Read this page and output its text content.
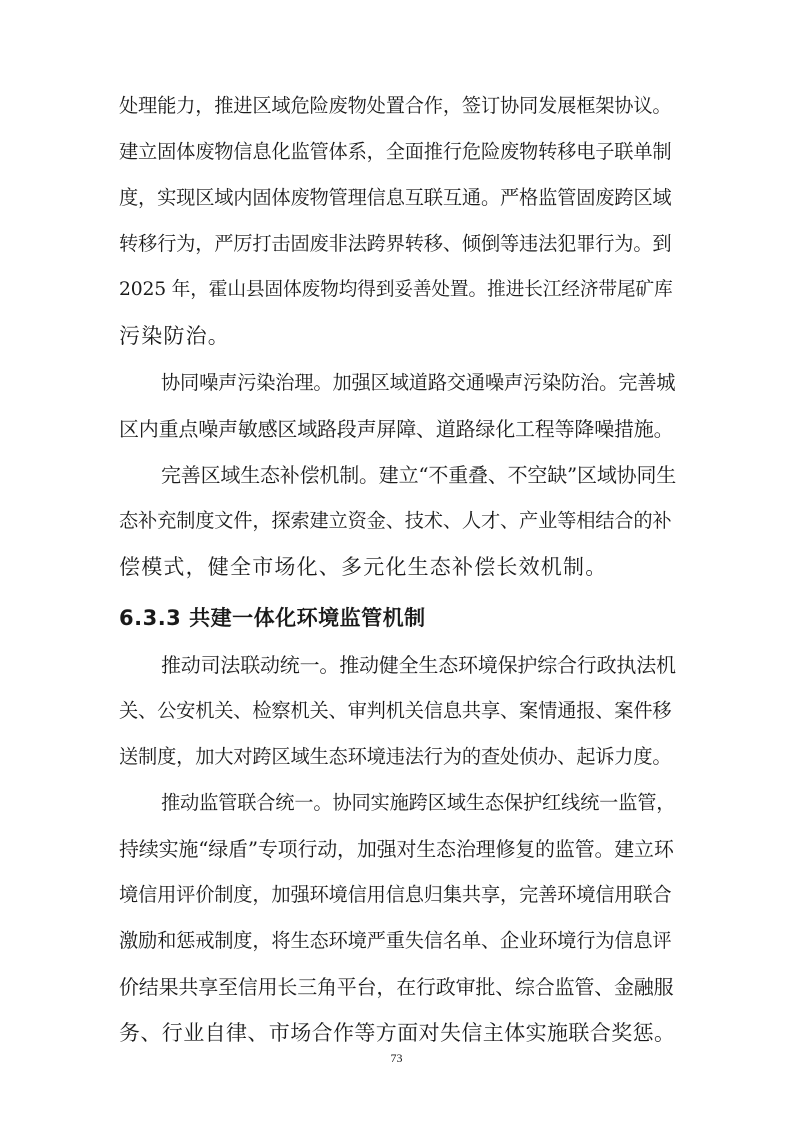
处理能力，推进区域危险废物处置合作，签订协同发展框架协议。
建立固体废物信息化监管体系，全面推行危险废物转移电子联单制
度，实现区域内固体废物管理信息互联互通。严格监管固废跨区域
转移行为，严厉打击固废非法跨界转移、倾倒等违法犯罪行为。到
2025 年，霍山县固体废物均得到妥善处置。推进长江经济带尾矿库
污染防治。
协同噪声污染治理。加强区域道路交通噪声污染防治。完善城
区内重点噪声敏感区域路段声屏障、道路绿化工程等降噪措施。
完善区域生态补偿机制。建立“不重叠、不空缺”区域协同生
态补充制度文件，探索建立资金、技术、人才、产业等相结合的补
偿模式，健全市场化、多元化生态补偿长效机制。
6.3.3 共建一体化环境监管机制
推动司法联动统一。推动健全生态环境保护综合行政执法机
关、公安机关、检察机关、审判机关信息共享、案情通报、案件移
送制度，加大对跨区域生态环境违法行为的查处侦办、起诉力度。
推动监管联合统一。协同实施跨区域生态保护红线统一监管，
持续实施“绿盾”专项行动，加强对生态治理修复的监管。建立环
境信用评价制度，加强环境信用信息归集共享，完善环境信用联合
激励和惩戒制度，将生态环境严重失信名单、企业环境行为信息评
价结果共享至信用长三角平台，在行政审批、综合监管、金融服
务、行业自律、市场合作等方面对失信主体实施联合奖惩。
73
